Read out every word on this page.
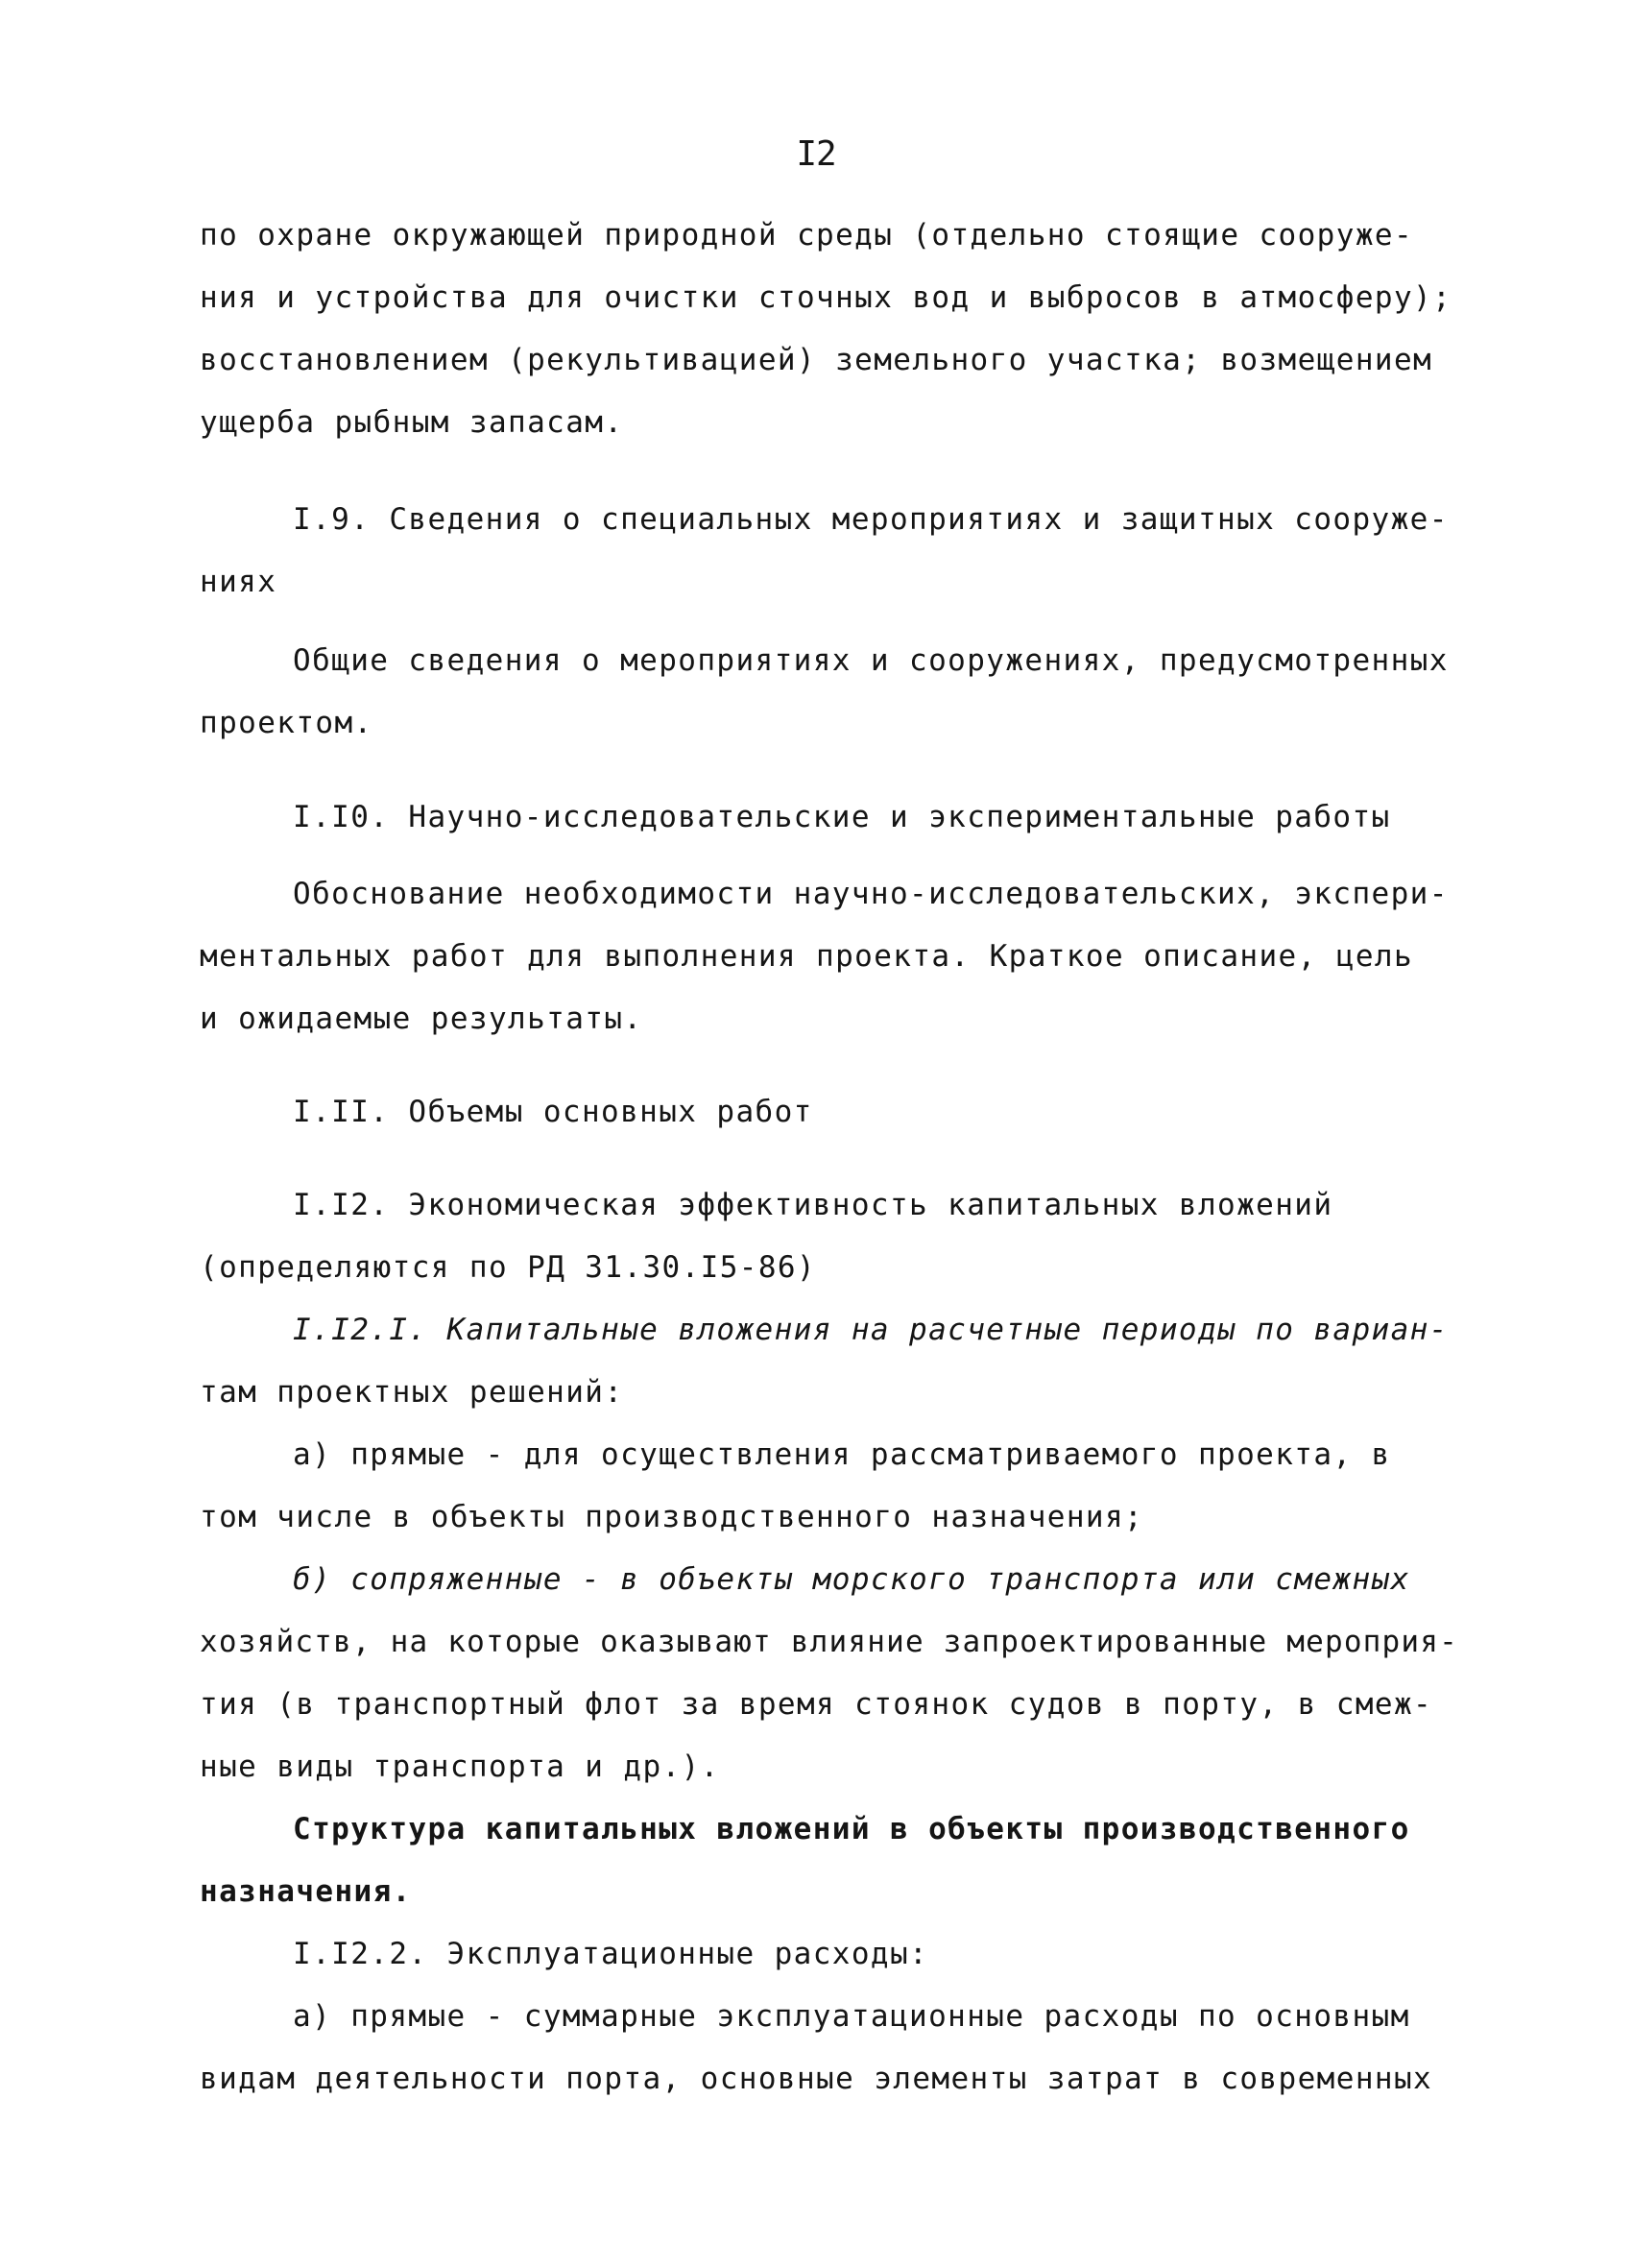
I2
по охране окружающей природной среды (отдельно стоящие сооруже-
ния и устройства для очистки сточных вод и выбросов в атмосферу);
восстановлением (рекультивацией) земельного участка; возмещением
ущерба рыбным запасам.
I.9. Сведения о специальных мероприятиях и защитных сооруже-
ниях
Общие сведения о мероприятиях и сооружениях, предусмотренных
проектом.
I.I0. Научно-исследовательские и экспериментальные работы
Обоснование необходимости научно-исследовательских, экспери-
ментальных работ для выполнения проекта. Краткое описание, цель
и ожидаемые результаты.
I.II. Объемы основных работ
I.I2. Экономическая эффективность капитальных вложений
(определяются по РД 31.30.I5-86)
I.I2.I. Капитальные вложения на расчетные периоды по вариан-
там проектных решений:
а) прямые - для осуществления рассматриваемого проекта, в
том числе в объекты производственного назначения;
б) сопряженные - в объекты морского транспорта или смежных
хозяйств, на которые оказывают влияние запроектированные мероприя-
тия (в транспортный флот за время стоянок судов в порту, в смеж-
ные виды транспорта и др.).
Структура капитальных вложений в объекты производственного
назначения.
I.I2.2. Эксплуатационные расходы:
а) прямые - суммарные эксплуатационные расходы по основным
видам деятельности порта, основные элементы затрат в современных
